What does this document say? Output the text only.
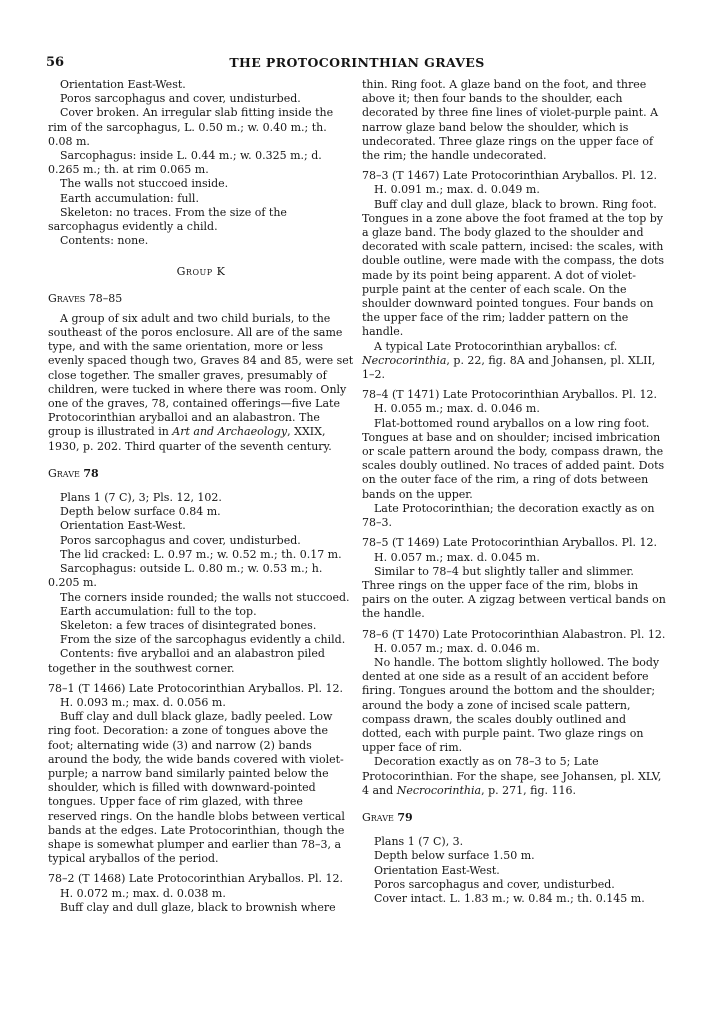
56	THE PROTOCORINTHIAN GRAVES

Orientation East-West.

Poros sarcophagus and cover, undisturbed.

Cover broken. An irregular slab fitting inside the rim of the sarcophagus, L. 0.50 m.; w. 0.40 m.; th. 0.08 m.

Sarcophagus: inside L. 0.44 m.; w. 0.325 m.; d. 0.265 m.; th. at rim 0.065 m.

The walls not stuccoed inside.

Earth accumulation: full.

Skeleton: no traces. From the size of the sarcophagus evidently a child.

Contents: none.

Group K
Graves 78–85

A group of six adult and two child burials, to the southeast of the poros enclosure. All are of the same type, and with the same orientation, more or less evenly spaced though two, Graves 84 and 85, were set close together. The smaller graves, presumably of children, were tucked in where there was room. Only one of the graves, 78, contained offerings—five Late Protocorinthian aryballoi and an alabastron. The group is illustrated in Art and Archaeology, XXIX, 1930, p. 202. Third quarter of the seventh century.

Grave 78

Plans 1 (7 C), 3; Pls. 12, 102.

Depth below surface 0.84 m.

Orientation East-West.

Poros sarcophagus and cover, undisturbed.

The lid cracked: L. 0.97 m.; w. 0.52 m.; th. 0.17 m.

Sarcophagus: outside L. 0.80 m.; w. 0.53 m.; h. 0.205 m.

The corners inside rounded; the walls not stuccoed.

Earth accumulation: full to the top.

Skeleton: a few traces of disintegrated bones.

From the size of the sarcophagus evidently a child.

Contents: five aryballoi and an alabastron piled together in the southwest corner.

78–1 (T 1466) Late Protocorinthian Aryballos. Pl. 12.

H. 0.093 m.; max. d. 0.056 m.

Buff clay and dull black glaze, badly peeled. Low ring foot. Decoration: a zone of tongues above the foot; alternating wide (3) and narrow (2) bands around the body, the wide bands covered with violet-purple; a narrow band similarly painted below the shoulder, which is filled with downward-pointed tongues. Upper face of rim glazed, with three reserved rings. On the handle blobs between vertical bands at the edges. Late Protocorinthian, though the shape is somewhat plumper and earlier than 78–3, a typical aryballos of the period.

78–2 (T 1468) Late Protocorinthian Aryballos. Pl. 12.

H. 0.072 m.; max. d. 0.038 m.

Buff clay and dull glaze, black to brownish where

thin. Ring foot. A glaze band on the foot, and three above it; then four bands to the shoulder, each decorated by three fine lines of violet-purple paint. A narrow glaze band below the shoulder, which is undecorated. Three glaze rings on the upper face of the rim; the handle undecorated.

78–3 (T 1467) Late Protocorinthian Aryballos. Pl. 12.

H. 0.091 m.; max. d. 0.049 m.

Buff clay and dull glaze, black to brown. Ring foot. Tongues in a zone above the foot framed at the top by a glaze band. The body glazed to the shoulder and decorated with scale pattern, incised: the scales, with double outline, were made with the compass, the dots made by its point being apparent. A dot of violet-purple paint at the center of each scale. On the shoulder downward pointed tongues. Four bands on the upper face of the rim; ladder pattern on the handle.

A typical Late Protocorinthian aryballos: cf. Necrocorinthia, p. 22, fig. 8A and Johansen, pl. XLII, 1–2.

78–4 (T 1471) Late Protocorinthian Aryballos. Pl. 12.

H. 0.055 m.; max. d. 0.046 m.

Flat-bottomed round aryballos on a low ring foot. Tongues at base and on shoulder; incised imbrication or scale pattern around the body, compass drawn, the scales doubly outlined. No traces of added paint. Dots on the outer face of the rim, a ring of dots between bands on the upper.

Late Protocorinthian; the decoration exactly as on 78–3.

78–5 (T 1469) Late Protocorinthian Aryballos. Pl. 12.

H. 0.057 m.; max. d. 0.045 m.

Similar to 78–4 but slightly taller and slimmer. Three rings on the upper face of the rim, blobs in pairs on the outer. A zigzag between vertical bands on the handle.

78–6 (T 1470) Late Protocorinthian Alabastron. Pl. 12.

H. 0.057 m.; max. d. 0.046 m.

No handle. The bottom slightly hollowed. The body dented at one side as a result of an accident before firing. Tongues around the bottom and the shoulder; around the body a zone of incised scale pattern, compass drawn, the scales doubly outlined and dotted, each with purple paint. Two glaze rings on upper face of rim.

Decoration exactly as on 78–3 to 5; Late Protocorinthian. For the shape, see Johansen, pl. XLV, 4 and Necrocorinthia, p. 271, fig. 116.

Grave 79

Plans 1 (7 C), 3.

Depth below surface 1.50 m.

Orientation East-West.

Poros sarcophagus and cover, undisturbed.

Cover intact. L. 1.83 m.; w. 0.84 m.; th. 0.145 m.
